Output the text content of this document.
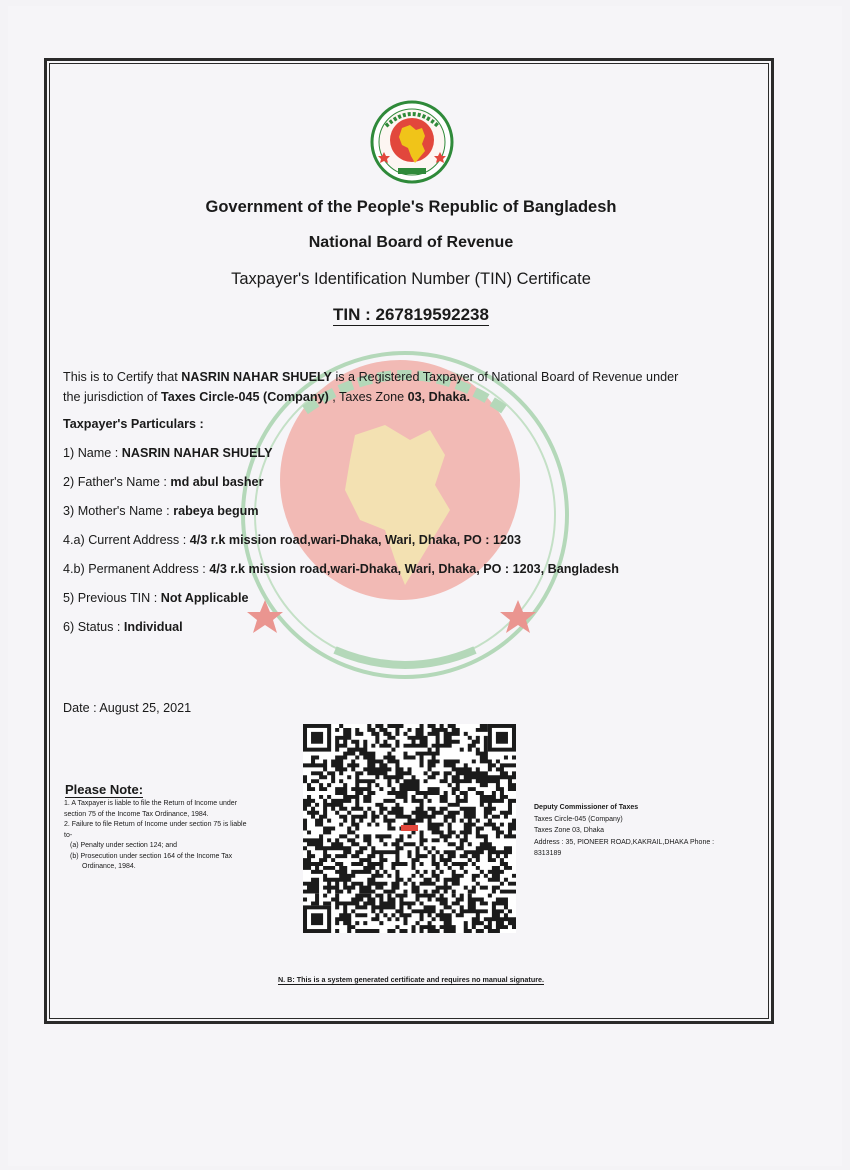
Government of the People's Republic of Bangladesh
National Board of Revenue
Taxpayer's Identification Number (TIN) Certificate
TIN : 267819592238
This is to Certify that NASRIN NAHAR SHUELY is a Registered Taxpayer of National Board of Revenue under
the jurisdiction of Taxes Circle-045 (Company) , Taxes Zone 03, Dhaka.
Taxpayer's Particulars :
1) Name : NASRIN NAHAR SHUELY
2) Father's Name : md abul basher
3) Mother's Name : rabeya begum
4.a) Current Address : 4/3 r.k mission road,wari-Dhaka, Wari, Dhaka, PO : 1203
4.b) Permanent Address : 4/3 r.k mission road,wari-Dhaka, Wari, Dhaka, PO : 1203, Bangladesh
5) Previous TIN : Not Applicable
6) Status : Individual
Date : August 25, 2021
Please Note:
1. A Taxpayer is liable to file the Return of Income under
section 75 of the Income Tax Ordinance, 1984.
2. Failure to file Return of Income under section 75 is liable
to-
(a) Penalty under section 124; and
(b) Prosecution under section 164 of the Income Tax
Ordinance, 1984.
Deputy Commissioner of Taxes
Taxes Circle-045 (Company)
Taxes Zone 03, Dhaka
Address : 35, PIONEER ROAD,KAKRAIL,DHAKA Phone :
8313189
N. B: This is a system generated certificate and requires no manual signature.
